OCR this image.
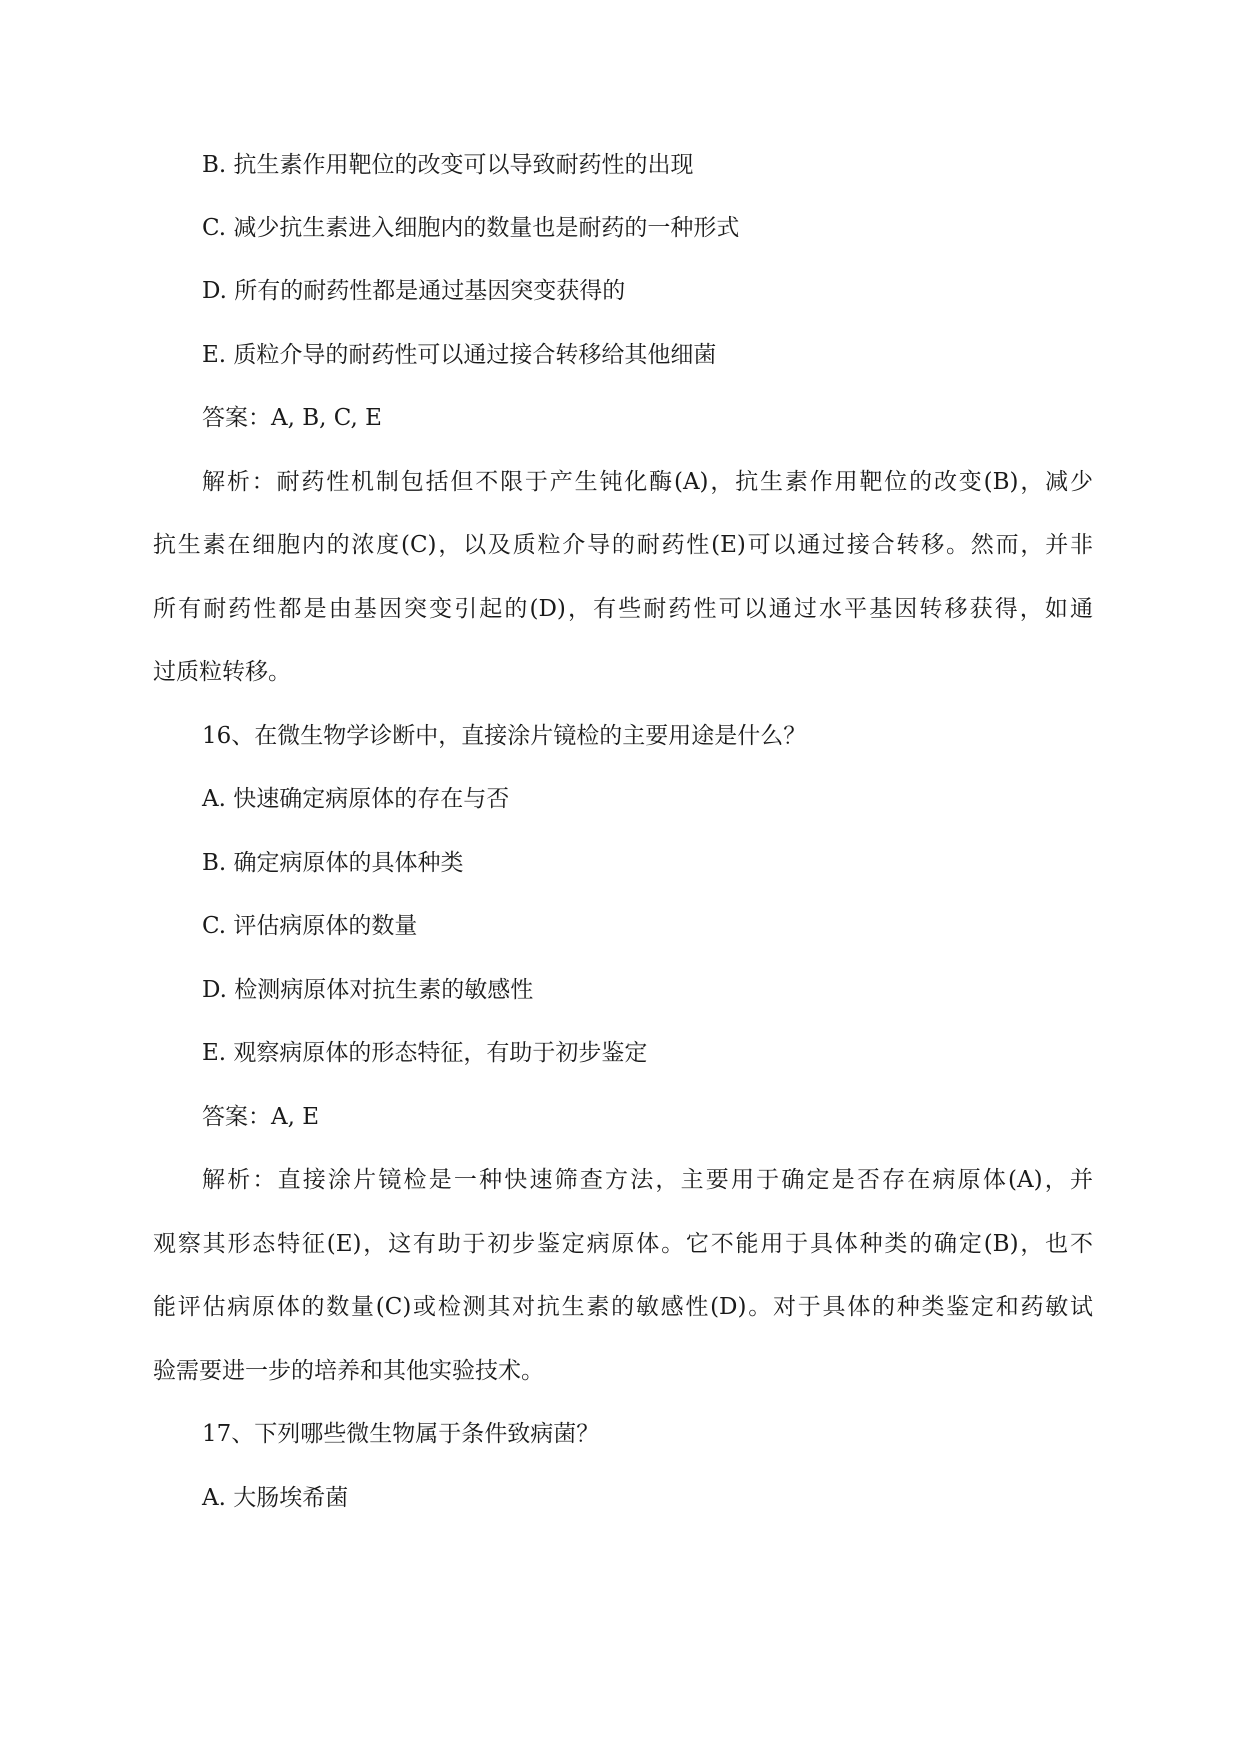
B. 抗生素作用靶位的改变可以导致耐药性的出现
C. 减少抗生素进入细胞内的数量也是耐药的一种形式
D. 所有的耐药性都是通过基因突变获得的
E. 质粒介导的耐药性可以通过接合转移给其他细菌
答案：A, B, C, E
解析：耐药性机制包括但不限于产生钝化酶(A)，抗生素作用靶位的改变(B)，减少
抗生素在细胞内的浓度(C)，以及质粒介导的耐药性(E)可以通过接合转移。然而，并非
所有耐药性都是由基因突变引起的(D)，有些耐药性可以通过水平基因转移获得，如通
过质粒转移。
16、在微生物学诊断中，直接涂片镜检的主要用途是什么？
A. 快速确定病原体的存在与否
B. 确定病原体的具体种类
C. 评估病原体的数量
D. 检测病原体对抗生素的敏感性
E. 观察病原体的形态特征，有助于初步鉴定
答案：A, E
解析：直接涂片镜检是一种快速筛查方法，主要用于确定是否存在病原体(A)，并
观察其形态特征(E)，这有助于初步鉴定病原体。它不能用于具体种类的确定(B)，也不
能评估病原体的数量(C)或检测其对抗生素的敏感性(D)。对于具体的种类鉴定和药敏试
验需要进一步的培养和其他实验技术。
17、下列哪些微生物属于条件致病菌？
A. 大肠埃希菌
